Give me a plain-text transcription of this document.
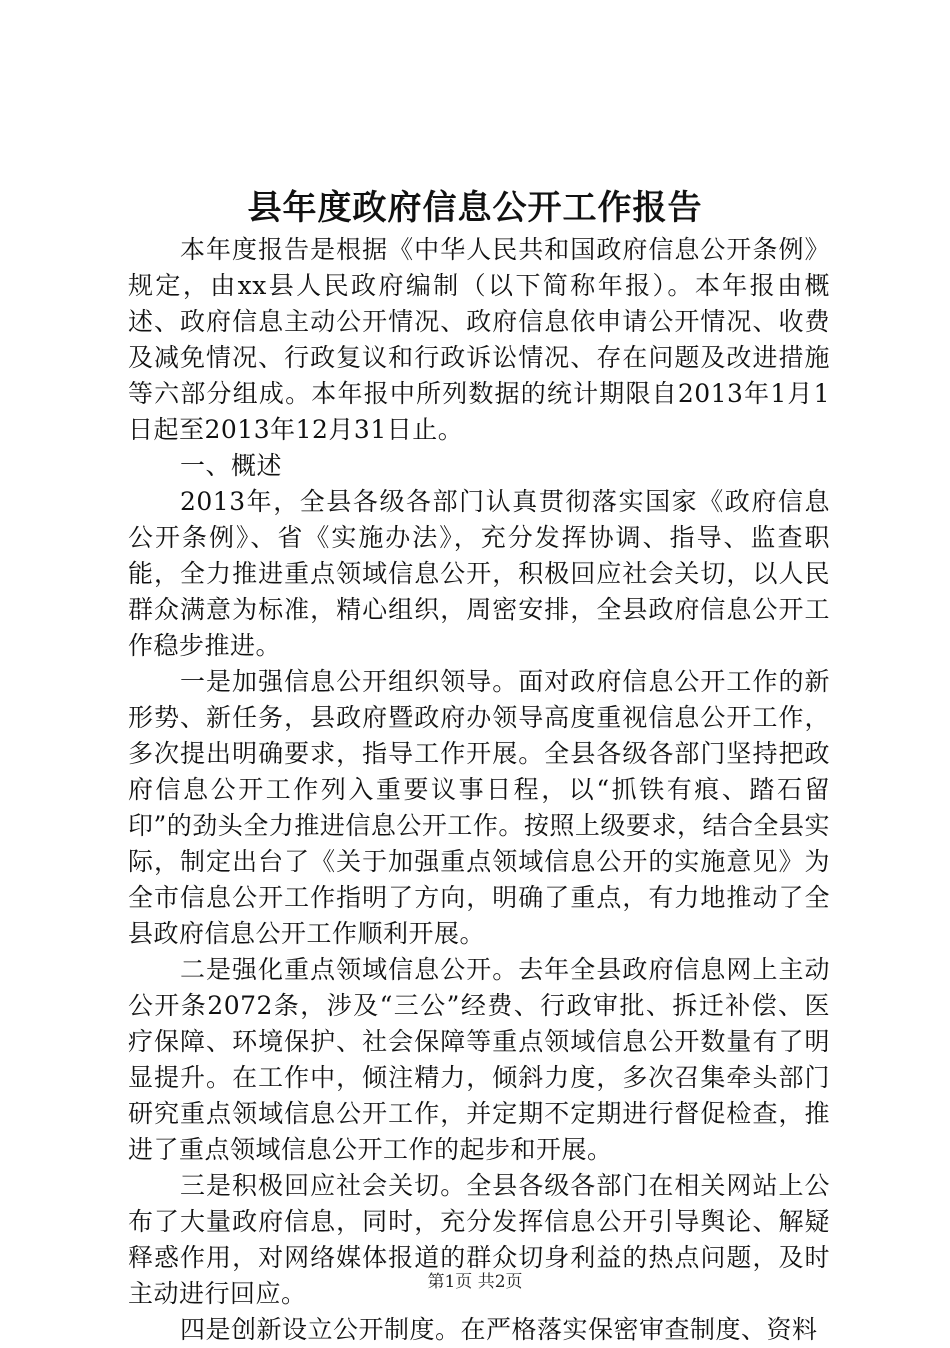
县年度政府信息公开工作报告

本年度报告是根据《中华人民共和国政府信息公开条例》规定，由xx县人民政府编制（以下简称年报）。本年报由概述、政府信息主动公开情况、政府信息依申请公开情况、收费及减免情况、行政复议和行政诉讼情况、存在问题及改进措施等六部分组成。本年报中所列数据的统计期限自2013年1月1日起至2013年12月31日止。

一、概述

2013年，全县各级各部门认真贯彻落实国家《政府信息公开条例》、省《实施办法》，充分发挥协调、指导、监查职能，全力推进重点领域信息公开，积极回应社会关切，以人民群众满意为标准，精心组织，周密安排，全县政府信息公开工作稳步推进。

一是加强信息公开组织领导。面对政府信息公开工作的新形势、新任务，县政府暨政府办领导高度重视信息公开工作，多次提出明确要求，指导工作开展。全县各级各部门坚持把政府信息公开工作列入重要议事日程，以“抓铁有痕、踏石留印”的劲头全力推进信息公开工作。按照上级要求，结合全县实际，制定出台了《关于加强重点领域信息公开的实施意见》为全市信息公开工作指明了方向，明确了重点，有力地推动了全县政府信息公开工作顺利开展。

二是强化重点领域信息公开。去年全县政府信息网上主动公开条2072条，涉及“三公”经费、行政审批、拆迁补偿、医疗保障、环境保护、社会保障等重点领域信息公开数量有了明显提升。在工作中，倾注精力，倾斜力度，多次召集牵头部门研究重点领域信息公开工作，并定期不定期进行督促检查，推进了重点领域信息公开工作的起步和开展。

三是积极回应社会关切。全县各级各部门在相关网站上公布了大量政府信息，同时，充分发挥信息公开引导舆论、解疑释惑作用，对网络媒体报道的群众切身利益的热点问题，及时主动进行回应。

四是创新设立公开制度。在严格落实保密审查制度、资料

第1页 共2页
